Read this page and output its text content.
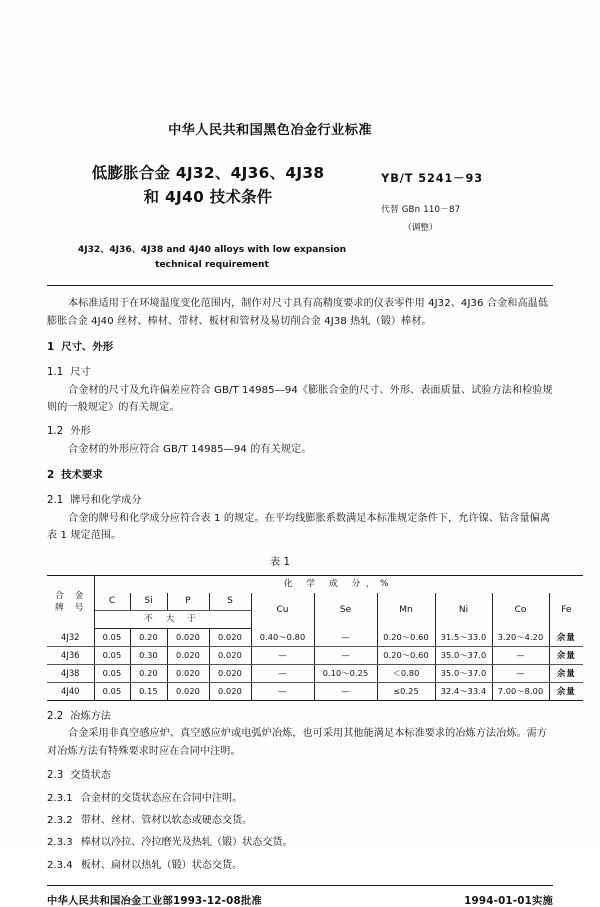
中华人民共和国黑色冶金行业标准
低膨胀合金 4J32、4J36、4J38
和 4J40 技术条件
YB/T 5241－93
代替 GBn 110－87
（调整）
4J32、4J36、4J38 and 4J40 alloys with low expansion
technical requirement

本标准适用于在环境温度变化范围内，制作对尺寸具有高精度要求的仪表零件用 4J32、4J36 合金和高温低膨胀合金 4J40 丝材、棒材、带材、板材和管材及易切削合金 4J38 热轧（锻）棒材。

1 尺寸、外形
1.1 尺寸

合金材的尺寸及允许偏差应符合 GB/T 14985—94《膨胀合金的尺寸、外形、表面质量、试验方法和检验规则的一般规定》的有关规定。

1.2 外形

合金材的外形应符合 GB/T 14985—94 的有关规定。

2 技术要求
2.1 牌号和化学成分

合金的牌号和化学成分应符合表 1 的规定。在平均线膨胀系数满足本标准规定条件下，允许镍、钴含量偏离表 1 规定范围。

表 1
合 金
牌 号	化 学 成 分，%									
	C	Si	P	S	Cu	Se	Mn	Ni	Co	Fe
	不 大 于									
4J32	0.05	0.20	0.020	0.020	0.40～0.80	—	0.20～0.60	31.5～33.0	3.20～4.20	余量
4J36	0.05	0.30	0.020	0.020	—	—	0.20～0.60	35.0～37.0	—	余量
4J38	0.05	0.20	0.020	0.020	—	0.10～0.25	＜0.80	35.0～37.0	—	余量
4J40	0.05	0.15	0.020	0.020	—	—	≤0.25	32.4～33.4	7.00～8.00	余量
2.2 冶炼方法

合金采用非真空感应炉、真空感应炉或电弧炉冶炼，也可采用其他能满足本标准要求的冶炼方法冶炼。需方对冶炼方法有特殊要求时应在合同中注明。

2.3 交货状态
2.3.1 合金材的交货状态应在合同中注明。
2.3.2 带材、丝材、管材以软态或硬态交货。
2.3.3 棒材以冷拉、冷拉磨光及热轧（锻）状态交货。
2.3.4 板材、扁材以热轧（锻）状态交货。
中华人民共和国冶金工业部1993-12-08批准	1994-01-01实施
